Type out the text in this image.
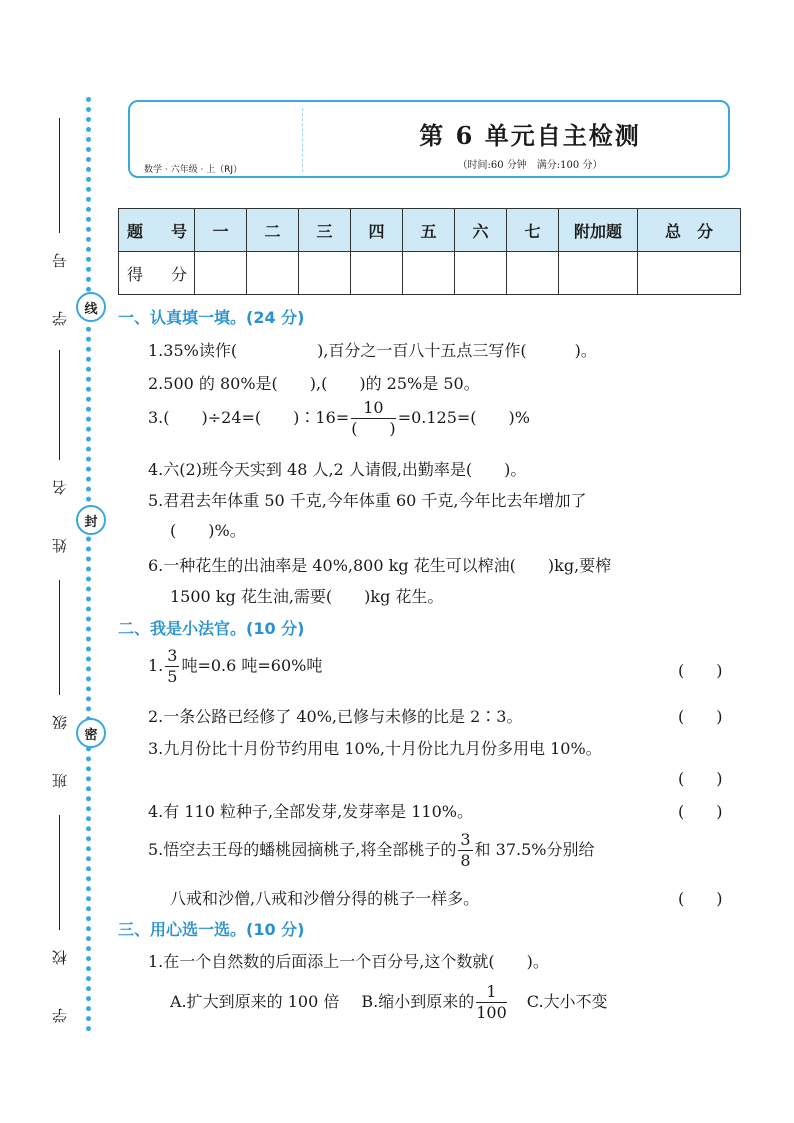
线
封
密
学　号
姓　名
班　级
学　校
数学 · 六年级 · 上（RJ）
第 6 单元自主检测
（时间:60 分钟　满分:100 分）
题　号	一	二	三	四	五	六	七	附加题	总　分
得　分									
一、认真填一填。(24 分)
1.35%读作(　　　　　),百分之一百八十五点三写作(　　　)。
2.500 的 80%是(　　),(　　)的 25%是 50。
3.(　　)÷24=(　　)∶16= $\frac{10}{( )} =0.125=$(　　)%
4.六(2)班今天实到 48 人,2 人请假,出勤率是(　　)。
5.君君去年体重 50 千克,今年体重 60 千克,今年比去年增加了
(　　)%。
6.一种花生的出油率是 40%,800 kg 花生可以榨油(　　)kg,要榨
1500 kg 花生油,需要(　　)kg 花生。
二、我是小法官。(10 分)
1. $\frac{3}{5}$ 吨=0.6 吨=60%吨	(　　)
2.一条公路已经修了 40%,已修与未修的比是 2∶3。	(　　)
3.九月份比十月份节约用电 10%,十月份比九月份多用电 10%。
(　　)
4.有 110 粒种子,全部发芽,发芽率是 110%。	(　　)
5.悟空去王母的蟠桃园摘桃子,将全部桃子的 $\frac{3}{8}$ 和 37.5%分别给
八戒和沙僧,八戒和沙僧分得的桃子一样多。	(　　)
三、用心选一选。(10 分)
1.在一个自然数的后面添上一个百分号,这个数就(　　)。
A.扩大到原来的 100 倍 B.缩小到原来的 $\frac{1}{100} C$.大小不变
